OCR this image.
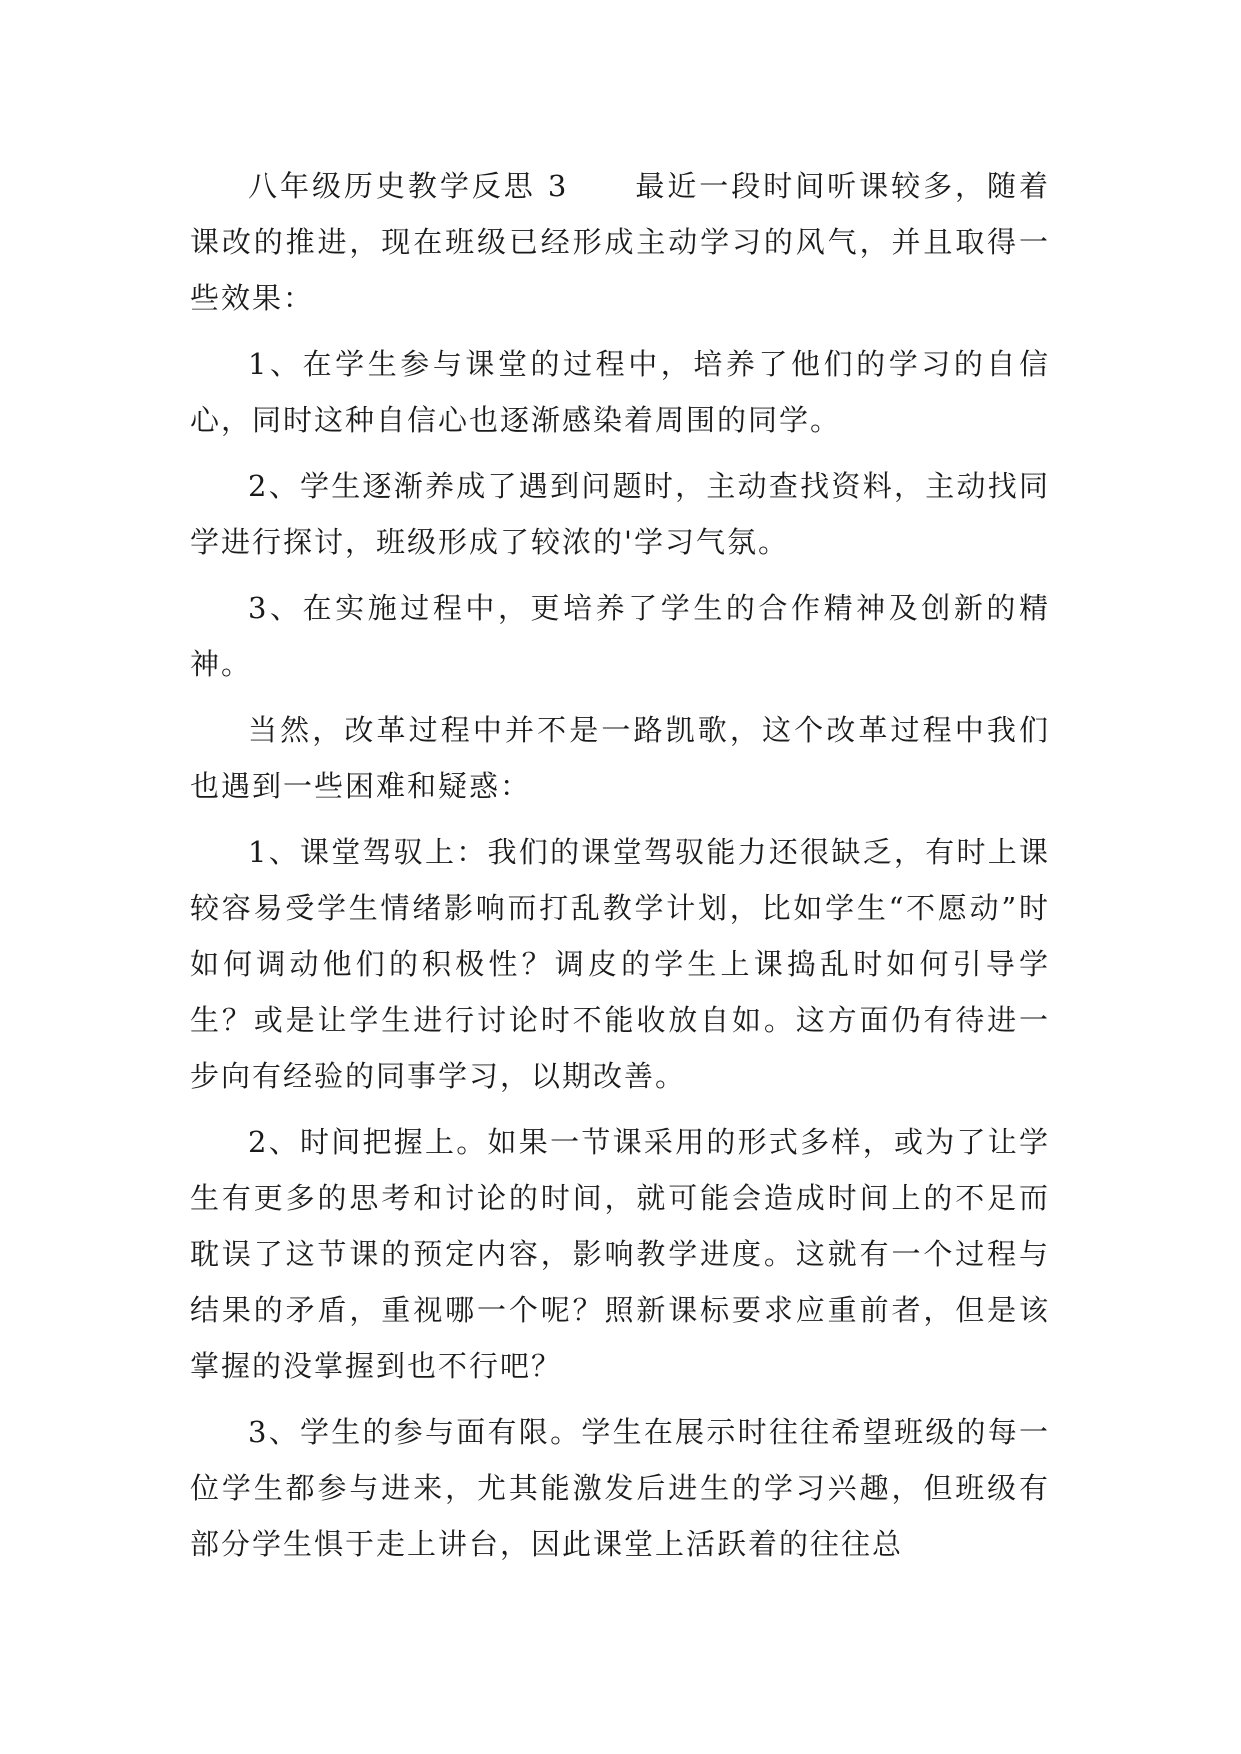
八年级历史教学反思 3 最近一段时间听课较多，随着课改的推进，现在班级已经形成主动学习的风气，并且取得一些效果：

1、在学生参与课堂的过程中，培养了他们的学习的自信心，同时这种自信心也逐渐感染着周围的同学。

2、学生逐渐养成了遇到问题时，主动查找资料，主动找同学进行探讨，班级形成了较浓的'学习气氛。

3、在实施过程中，更培养了学生的合作精神及创新的精神。

当然，改革过程中并不是一路凯歌，这个改革过程中我们也遇到一些困难和疑惑：

1、课堂驾驭上：我们的课堂驾驭能力还很缺乏，有时上课较容易受学生情绪影响而打乱教学计划，比如学生“不愿动”时如何调动他们的积极性？调皮的学生上课捣乱时如何引导学生？或是让学生进行讨论时不能收放自如。这方面仍有待进一步向有经验的同事学习，以期改善。

2、时间把握上。如果一节课采用的形式多样，或为了让学生有更多的思考和讨论的时间，就可能会造成时间上的不足而耽误了这节课的预定内容，影响教学进度。这就有一个过程与结果的矛盾，重视哪一个呢？照新课标要求应重前者，但是该掌握的没掌握到也不行吧？

3、学生的参与面有限。学生在展示时往往希望班级的每一位学生都参与进来，尤其能激发后进生的学习兴趣，但班级有部分学生惧于走上讲台，因此课堂上活跃着的往往总
